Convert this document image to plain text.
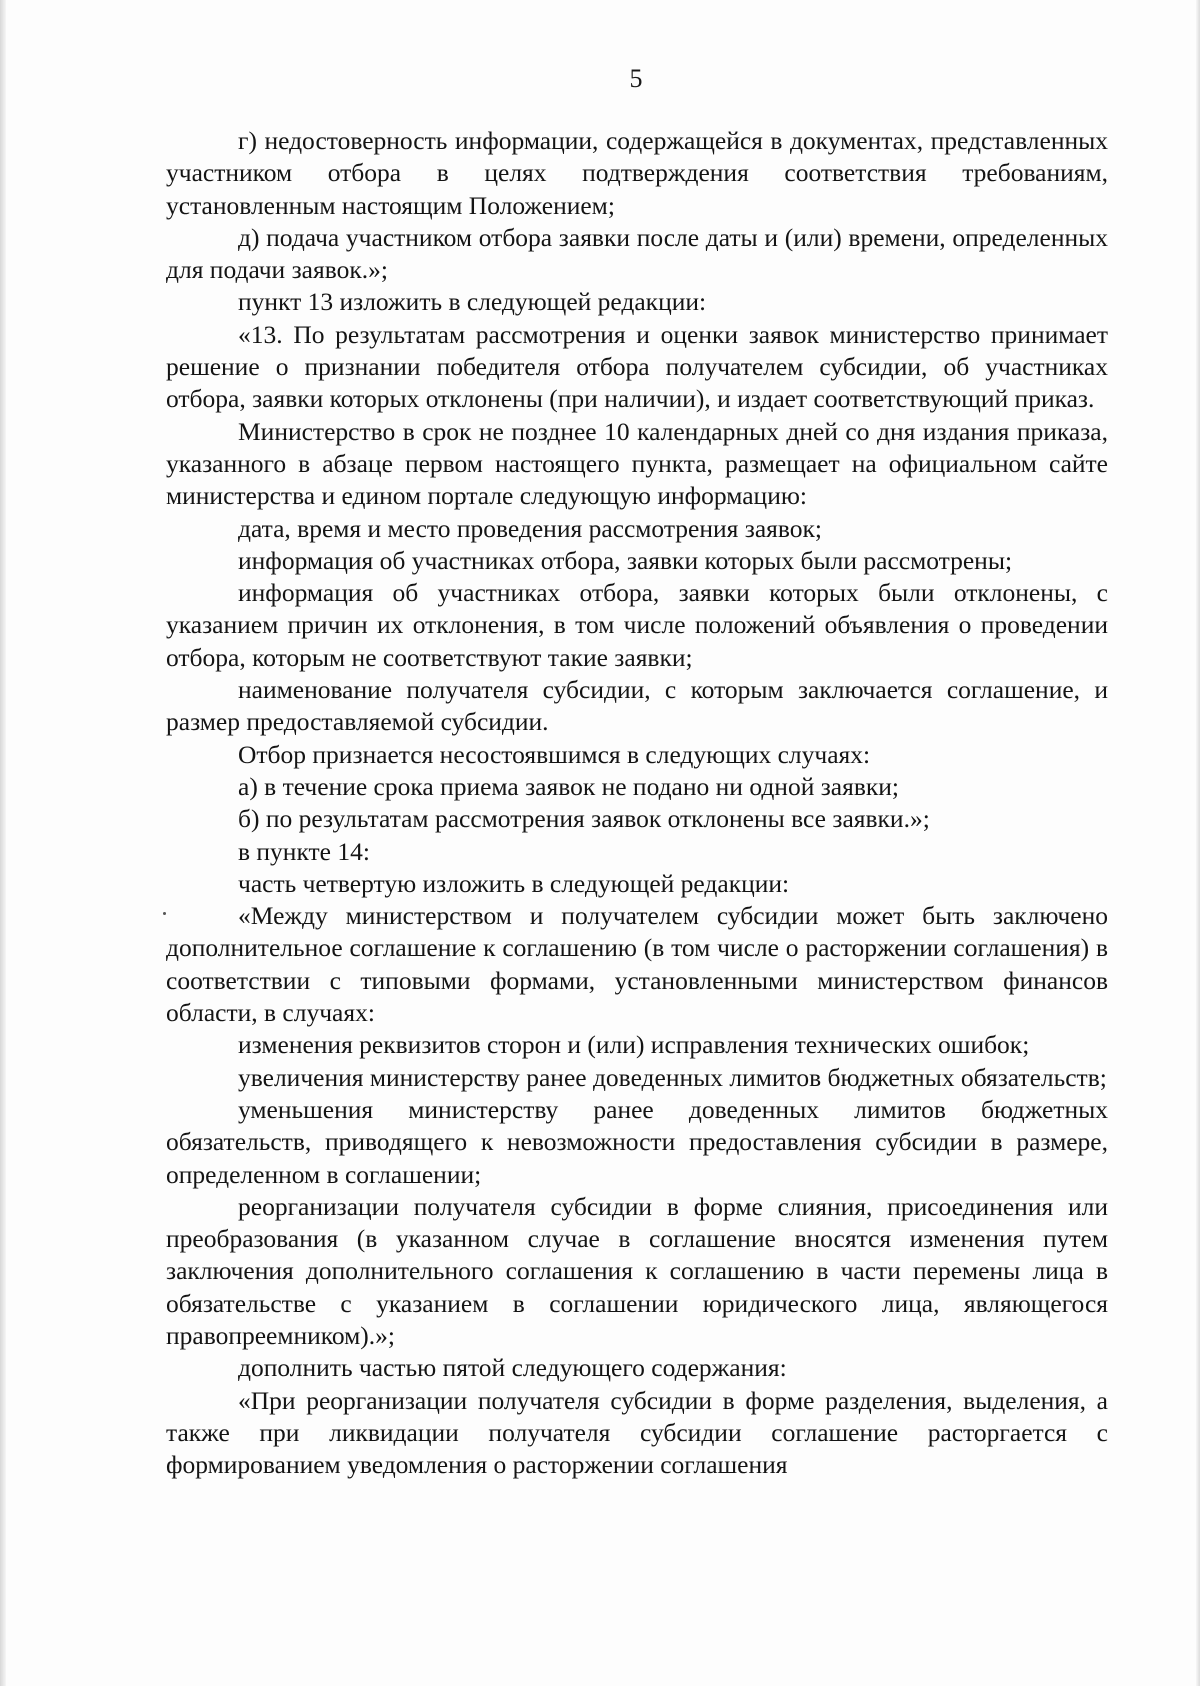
5

г) недостоверность информации, содержащейся в документах, представленных участником отбора в целях подтверждения соответствия требованиям, установленным настоящим Положением;

д) подача участником отбора заявки после даты и (или) времени, определенных для подачи заявок.»;

пункт 13 изложить в следующей редакции:

«13. По результатам рассмотрения и оценки заявок министерство принимает решение о признании победителя отбора получателем субсидии, об участниках отбора, заявки которых отклонены (при наличии), и издает соответствующий приказ.

Министерство в срок не позднее 10 календарных дней со дня издания приказа, указанного в абзаце первом настоящего пункта, размещает на официальном сайте министерства и едином портале следующую информацию:

дата, время и место проведения рассмотрения заявок;

информация об участниках отбора, заявки которых были рассмотрены;

информация об участниках отбора, заявки которых были отклонены, с указанием причин их отклонения, в том числе положений объявления о проведении отбора, которым не соответствуют такие заявки;

наименование получателя субсидии, с которым заключается соглашение, и размер предоставляемой субсидии.

Отбор признается несостоявшимся в следующих случаях:

а) в течение срока приема заявок не подано ни одной заявки;

б) по результатам рассмотрения заявок отклонены все заявки.»;

в пункте 14:

часть четвертую изложить в следующей редакции:

«Между министерством и получателем субсидии может быть заключено дополнительное соглашение к соглашению (в том числе о расторжении соглашения) в соответствии с типовыми формами, установленными министерством финансов области, в случаях:

изменения реквизитов сторон и (или) исправления технических ошибок;

увеличения министерству ранее доведенных лимитов бюджетных обязательств;

уменьшения министерству ранее доведенных лимитов бюджетных обязательств, приводящего к невозможности предоставления субсидии в размере, определенном в соглашении;

реорганизации получателя субсидии в форме слияния, присоединения или преобразования (в указанном случае в соглашение вносятся изменения путем заключения дополнительного соглашения к соглашению в части перемены лица в обязательстве с указанием в соглашении юридического лица, являющегося правопреемником).»;

дополнить частью пятой следующего содержания:

«При реорганизации получателя субсидии в форме разделения, выделения, а также при ликвидации получателя субсидии соглашение расторгается с формированием уведомления о расторжении соглашения
